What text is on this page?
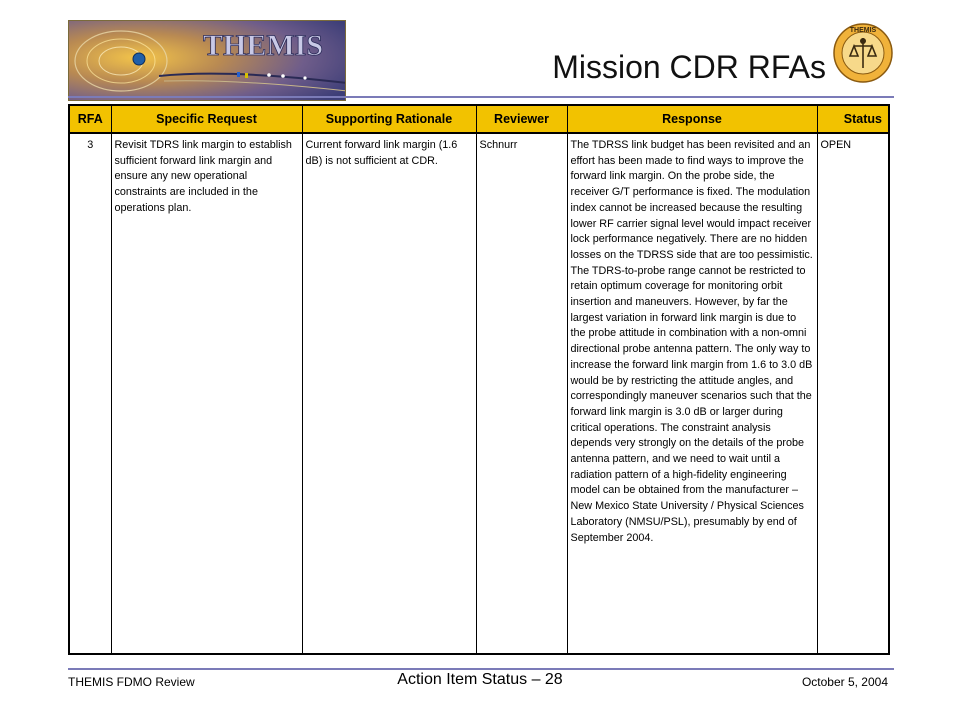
THEMIS
Mission CDR RFAs
THEMIS
RFA	Specific Request	Supporting Rationale	Reviewer	Response	Status
3	Revisit TDRS link margin to establish sufficient forward link margin and ensure any new operational constraints are included in the operations plan.	Current forward link margin (1.6 dB) is not sufficient at CDR.	Schnurr	The TDRSS link budget has been revisited and an effort has been made to find ways to improve the forward link margin. On the probe side, the receiver G/T performance is fixed. The modulation index cannot be increased because the resulting lower RF carrier signal level would impact receiver lock performance negatively. There are no hidden losses on the TDRSS side that are too pessimistic. The TDRS-to-probe range cannot be restricted to retain optimum coverage for monitoring orbit insertion and maneuvers. However, by far the largest variation in forward link margin is due to the probe attitude in combination with a non-omni directional probe antenna pattern. The only way to increase the forward link margin from 1.6 to 3.0 dB would be by restricting the attitude angles, and correspondingly maneuver scenarios such that the forward link margin is 3.0 dB or larger during critical operations. The constraint analysis depends very strongly on the details of the probe antenna pattern, and we need to wait until a radiation pattern of a high-fidelity engineering model can be obtained from the manufacturer – New Mexico State University / Physical Sciences Laboratory (NMSU/PSL), presumably by end of September 2004.	OPEN
THEMIS FDMO Review	Action Item Status – 28	October 5, 2004
